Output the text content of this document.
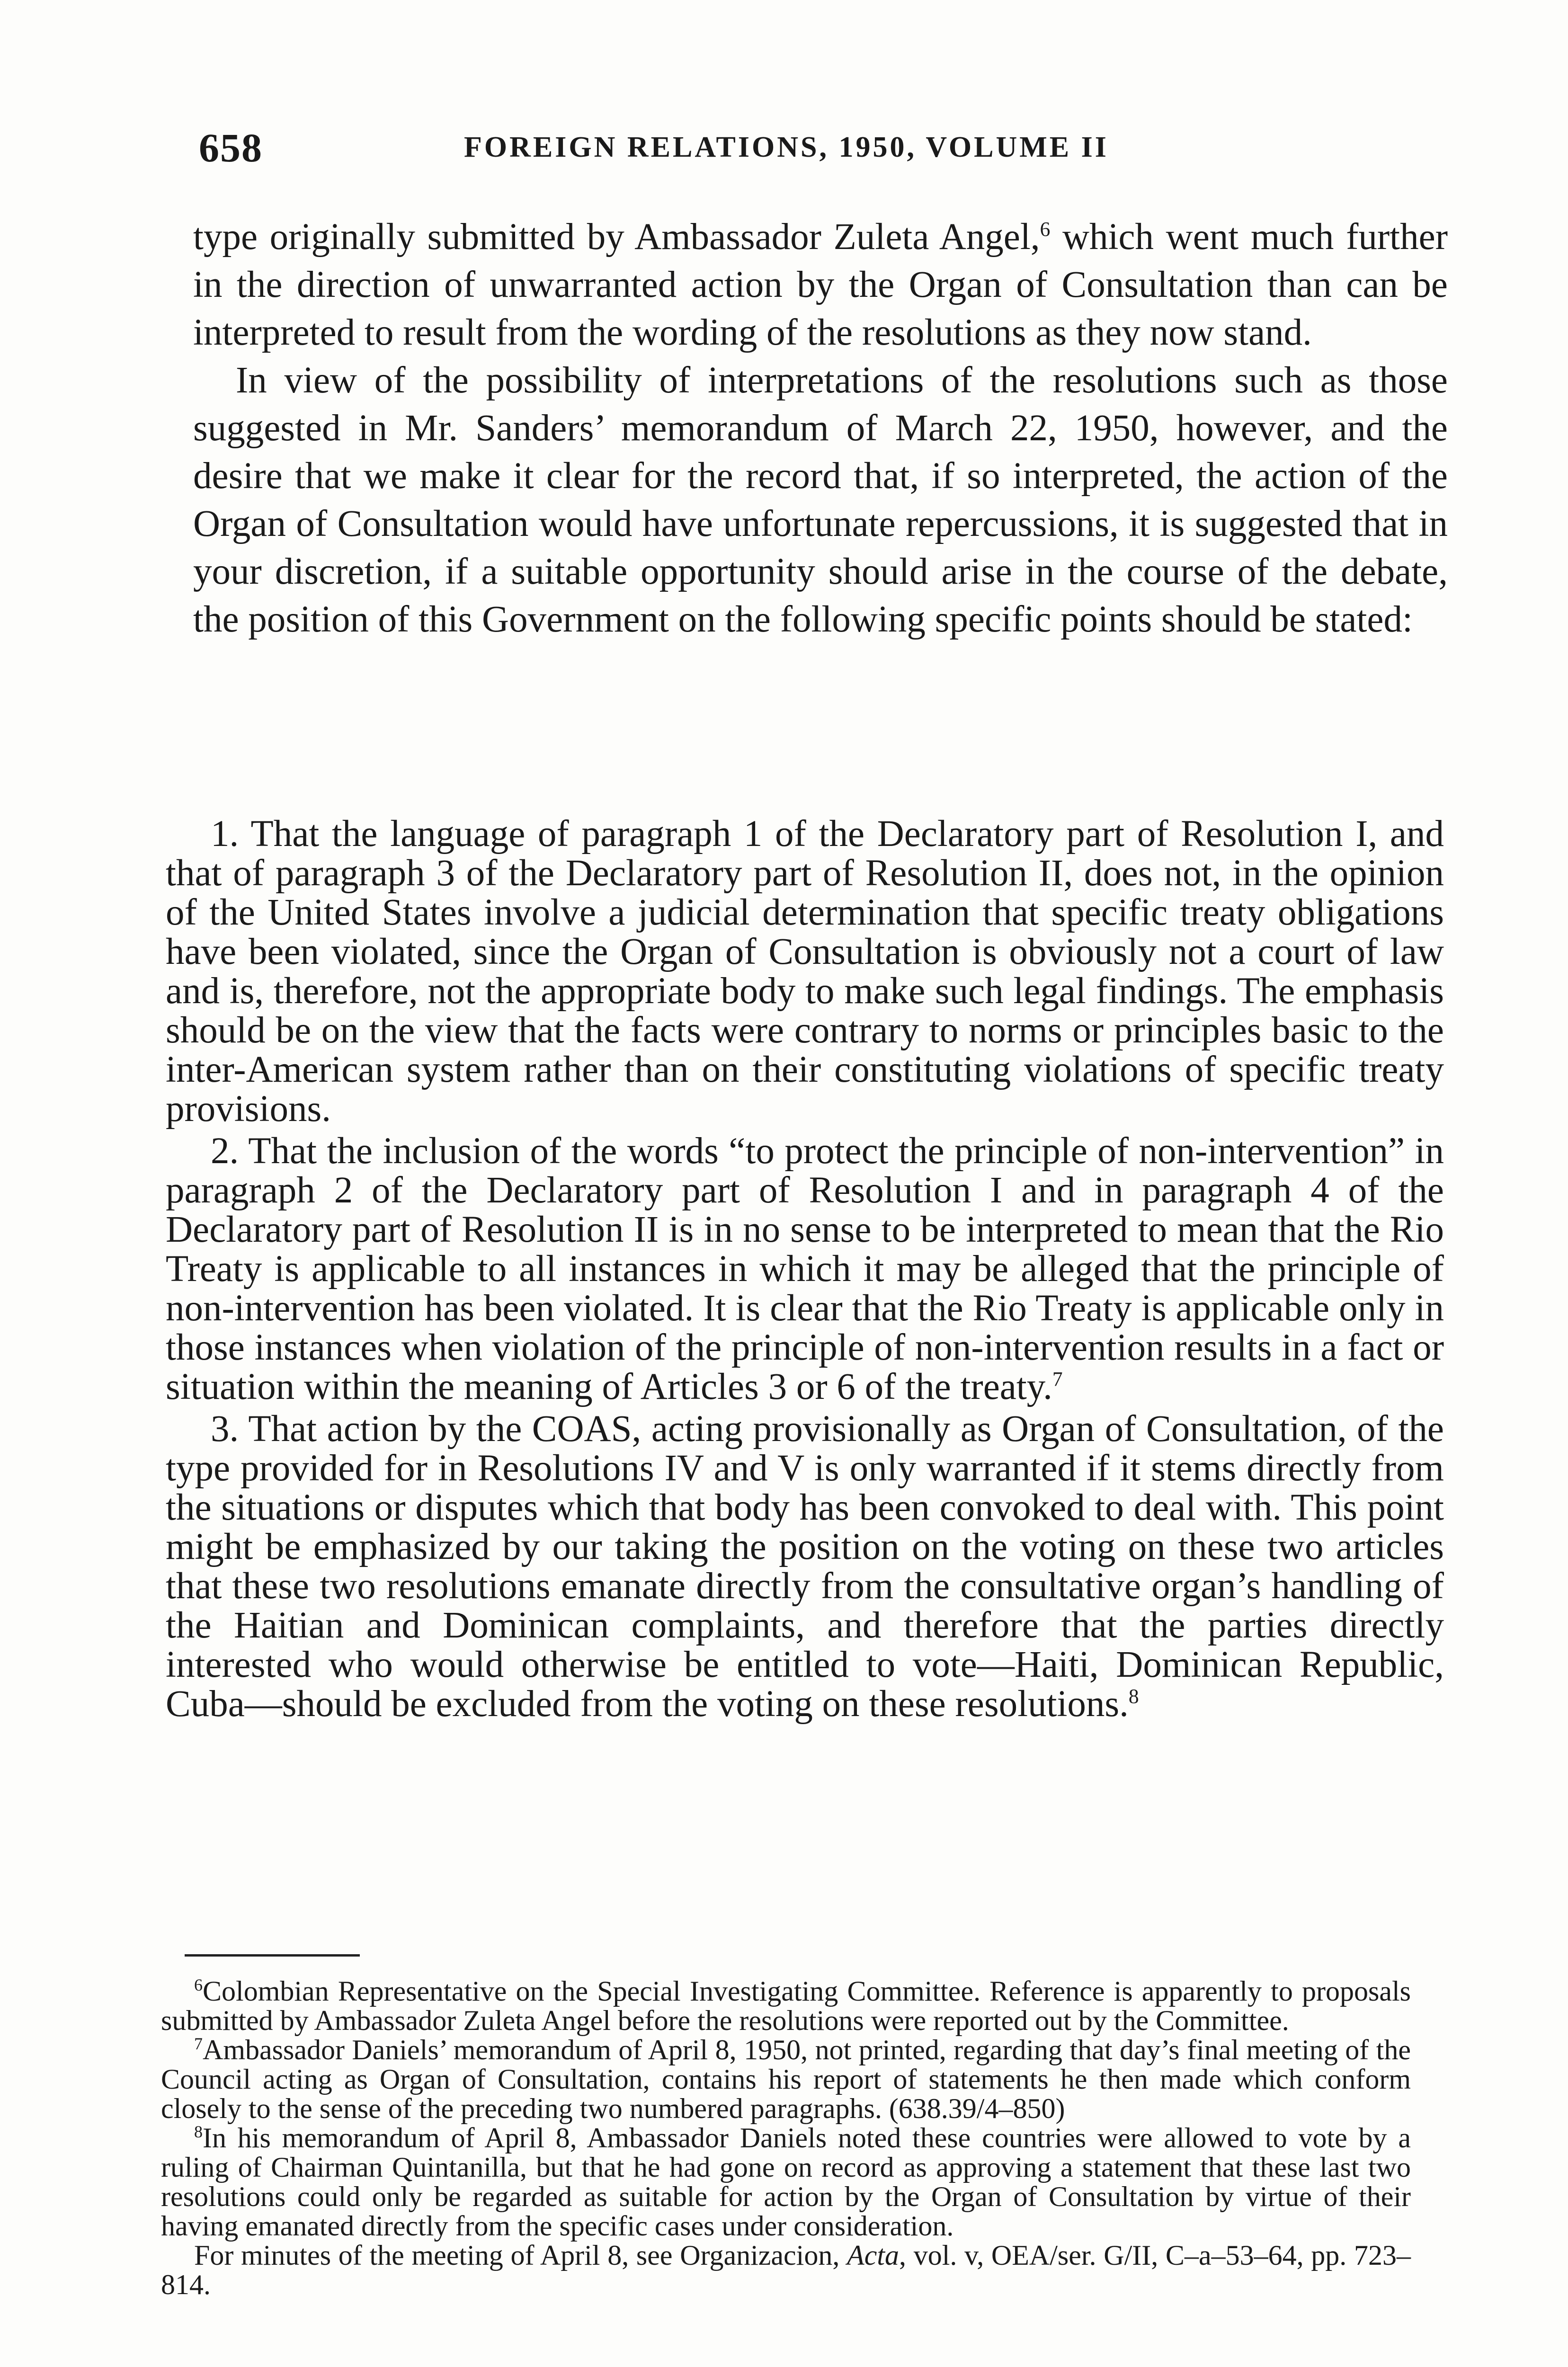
658	FOREIGN RELATIONS, 1950, VOLUME II

type originally submitted by Ambassador Zuleta Angel,$^6$ which went much further in the direction of unwarranted action by the Organ of Consultation than can be interpreted to result from the wording of the resolutions as they now stand.

In view of the possibility of interpretations of the resolutions such as those suggested in Mr. Sanders’ memorandum of March 22, 1950, however, and the desire that we make it clear for the record that, if so interpreted, the action of the Organ of Consultation would have unfortunate repercussions, it is suggested that in your discretion, if a suitable opportunity should arise in the course of the debate, the position of this Government on the following specific points should be stated:

1. That the language of paragraph 1 of the Declaratory part of Resolution I, and that of paragraph 3 of the Declaratory part of Resolution II, does not, in the opinion of the United States involve a judicial determination that specific treaty obligations have been violated, since the Organ of Consultation is obviously not a court of law and is, therefore, not the appropriate body to make such legal findings. The emphasis should be on the view that the facts were contrary to norms or principles basic to the inter-American system rather than on their constituting violations of specific treaty provisions.

2. That the inclusion of the words “to protect the principle of non-intervention” in paragraph 2 of the Declaratory part of Resolution I and in paragraph 4 of the Declaratory part of Resolution II is in no sense to be interpreted to mean that the Rio Treaty is applicable to all instances in which it may be alleged that the principle of non-intervention has been violated. It is clear that the Rio Treaty is applicable only in those instances when violation of the principle of non-intervention results in a fact or situation within the meaning of Articles 3 or 6 of the treaty.$^7$

3. That action by the COAS, acting provisionally as Organ of Consultation, of the type provided for in Resolutions IV and V is only warranted if it stems directly from the situations or disputes which that body has been convoked to deal with. This point might be emphasized by our taking the position on the voting on these two articles that these two resolutions emanate directly from the consultative organ’s handling of the Haitian and Dominican complaints, and therefore that the parties directly interested who would otherwise be entitled to vote—Haiti, Dominican Republic, Cuba—should be excluded from the voting on these resolutions.$^8$

$^6$Colombian Representative on the Special Investigating Committee. Reference is apparently to proposals submitted by Ambassador Zuleta Angel before the resolutions were reported out by the Committee.

$^7$Ambassador Daniels’ memorandum of April 8, 1950, not printed, regarding that day’s final meeting of the Council acting as Organ of Consultation, contains his report of statements he then made which conform closely to the sense of the preceding two numbered paragraphs. (638.39/4–850)

$^8$In his memorandum of April 8, Ambassador Daniels noted these countries were allowed to vote by a ruling of Chairman Quintanilla, but that he had gone on record as approving a statement that these last two resolutions could only be regarded as suitable for action by the Organ of Consultation by virtue of their having emanated directly from the specific cases under consideration.

For minutes of the meeting of April 8, see Organizacion, Acta, vol. v, OEA/ser. G/II, C–a–53–64, pp. 723–814.
